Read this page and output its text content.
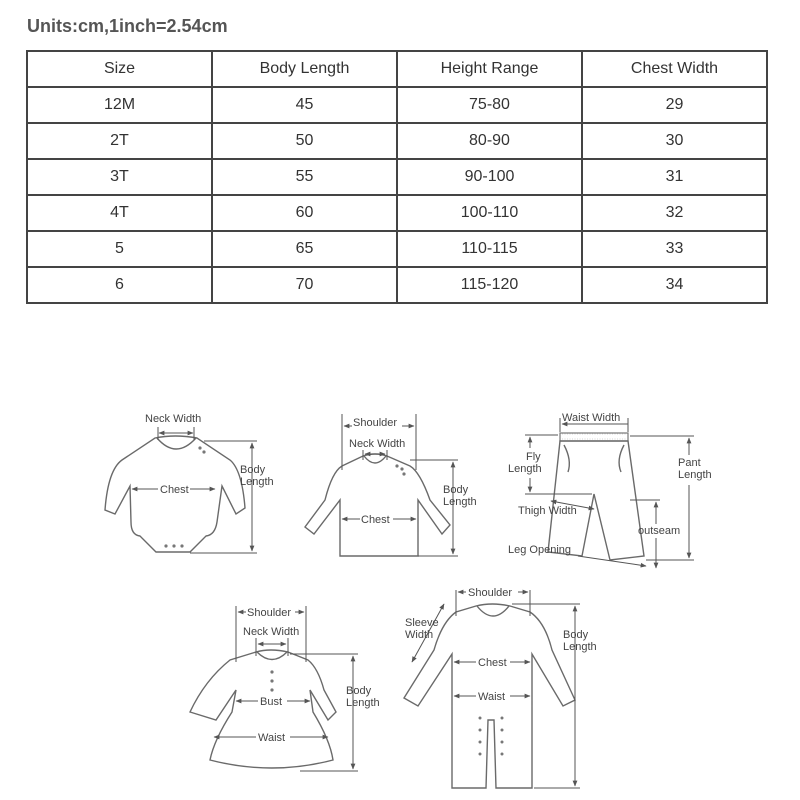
Units:cm,1inch=2.54cm
Size	Body Length	Height Range	Chest Width
12M	45	75-80	29
2T	50	80-90	30
3T	55	90-100	31
4T	60	100-110	32
5	65	110-115	33
6	70	115-120	34
Neck Width
Chest
Body
Length
Shoulder
Neck Width
Chest
Body
Length
Waist Width
Fly
Length	Pant
Length
Thigh Width
outseam
Leg Opening
Shoulder
Neck Width
Bust
Waist
Body
Length
Shoulder
Sleeve
Width
Chest
Waist
Body
Length
